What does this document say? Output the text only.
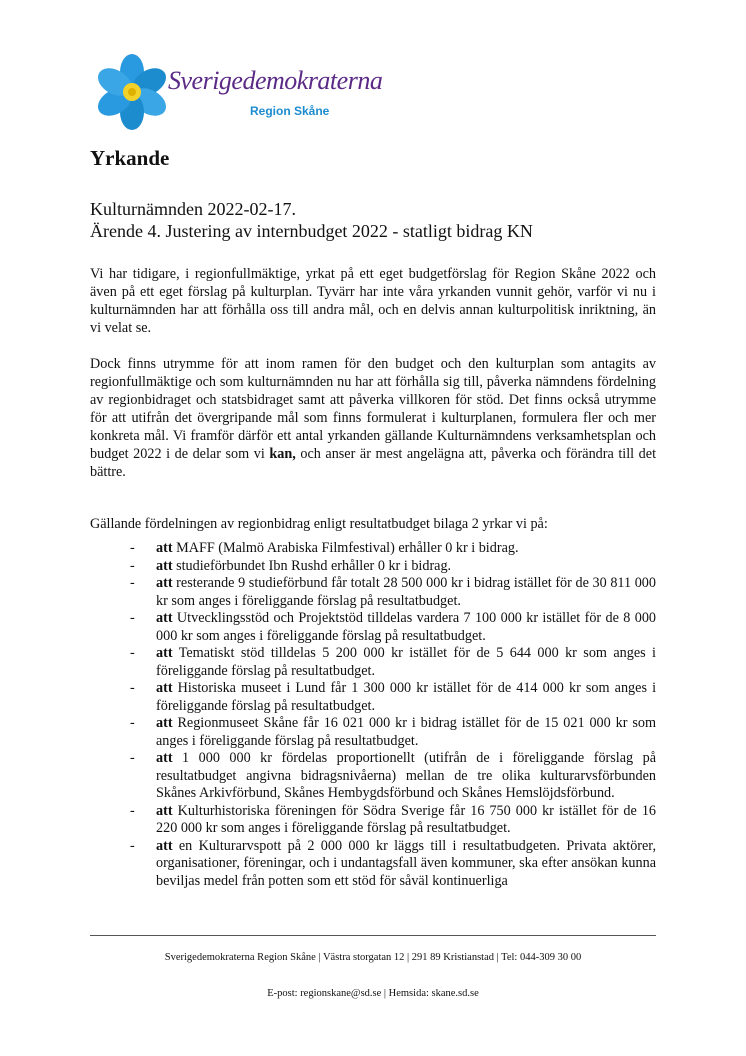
Sverigedemokraterna
Region Skåne
Yrkande
Kulturnämnden 2022-02-17.
Ärende 4. Justering av internbudget 2022 - statligt bidrag KN

Vi har tidigare, i regionfullmäktige, yrkat på ett eget budgetförslag för Region Skåne 2022 och även på ett eget förslag på kulturplan. Tyvärr har inte våra yrkanden vunnit gehör, varför vi nu i kulturnämnden har att förhålla oss till andra mål, och en delvis annan kulturpolitisk inriktning, än vi velat se.

Dock finns utrymme för att inom ramen för den budget och den kulturplan som antagits av regionfullmäktige och som kulturnämnden nu har att förhålla sig till, påverka nämndens fördelning av regionbidraget och statsbidraget samt att påverka villkoren för stöd. Det finns också utrymme för att utifrån det övergripande mål som finns formulerat i kulturplanen, formulera fler och mer konkreta mål. Vi framför därför ett antal yrkanden gällande Kulturnämndens verksamhetsplan och budget 2022 i de delar som vi kan, och anser är mest angelägna att, påverka och förändra till det bättre.

Gällande fördelningen av regionbidrag enligt resultatbudget bilaga 2 yrkar vi på:

- att MAFF (Malmö Arabiska Filmfestival) erhåller 0 kr i bidrag.
- att studieförbundet Ibn Rushd erhåller 0 kr i bidrag.
- att resterande 9 studieförbund får totalt 28 500 000 kr i bidrag istället för de 30 811 000 kr som anges i föreliggande förslag på resultatbudget.
- att Utvecklingsstöd och Projektstöd tilldelas vardera 7 100 000 kr istället för de 8 000 000 kr som anges i föreliggande förslag på resultatbudget.
- att Tematiskt stöd tilldelas 5 200 000 kr istället för de 5 644 000 kr som anges i föreliggande förslag på resultatbudget.
- att Historiska museet i Lund får 1 300 000 kr istället för de 414 000 kr som anges i föreliggande förslag på resultatbudget.
- att Regionmuseet Skåne får 16 021 000 kr i bidrag istället för de 15 021 000 kr som anges i föreliggande förslag på resultatbudget.
- att 1 000 000 kr fördelas proportionellt (utifrån de i föreliggande förslag på resultatbudget angivna bidragsnivåerna) mellan de tre olika kulturarvsförbunden Skånes Arkivförbund, Skånes Hembygdsförbund och Skånes Hemslöjdsförbund.
- att Kulturhistoriska föreningen för Södra Sverige får 16 750 000 kr istället för de 16 220 000 kr som anges i föreliggande förslag på resultatbudget.
- att en Kulturarvspott på 2 000 000 kr läggs till i resultatbudgeten. Privata aktörer, organisationer, föreningar, och i undantagsfall även kommuner, ska efter ansökan kunna beviljas medel från potten som ett stöd för såväl kontinuerliga
Sverigedemokraterna Region Skåne | Västra storgatan 12 | 291 89 Kristianstad | Tel: 044-309 30 00
E-post: regionskane@sd.se | Hemsida: skane.sd.se
